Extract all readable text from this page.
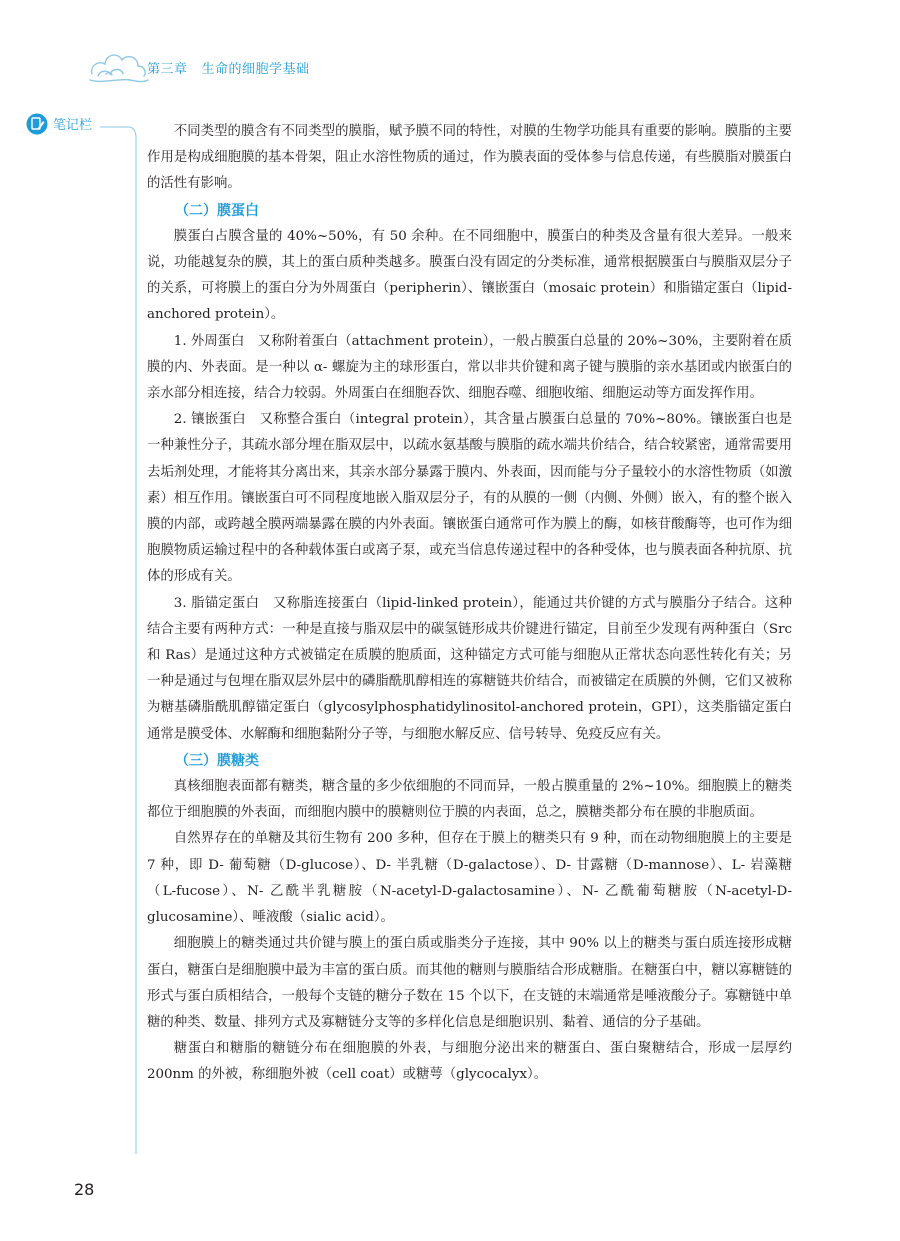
第三章 生命的细胞学基础
笔记栏	不同类型的膜含有不同类型的膜脂，赋予膜不同的特性，对膜的生物学功能具有重要的影响。膜脂的主要作用是构成细胞膜的基本骨架，阻止水溶性物质的通过，作为膜表面的受体参与信息传递，有些膜脂对膜蛋白的活性有影响。

（二）膜蛋白

膜蛋白占膜含量的 40%~50%，有 50 余种。在不同细胞中，膜蛋白的种类及含量有很大差异。一般来说，功能越复杂的膜，其上的蛋白质种类越多。膜蛋白没有固定的分类标准，通常根据膜蛋白与膜脂双层分子的关系，可将膜上的蛋白分为外周蛋白（peripherin）、镶嵌蛋白（mosaic protein）和脂锚定蛋白（lipid-anchored protein）。

1. 外周蛋白　又称附着蛋白（attachment protein），一般占膜蛋白总量的 20%~30%，主要附着在质膜的内、外表面。是一种以 α- 螺旋为主的球形蛋白，常以非共价键和离子键与膜脂的亲水基团或内嵌蛋白的亲水部分相连接，结合力较弱。外周蛋白在细胞吞饮、细胞吞噬、细胞收缩、细胞运动等方面发挥作用。

2. 镶嵌蛋白　又称整合蛋白（integral protein），其含量占膜蛋白总量的 70%~80%。镶嵌蛋白也是一种兼性分子，其疏水部分埋在脂双层中，以疏水氨基酸与膜脂的疏水端共价结合，结合较紧密，通常需要用去垢剂处理，才能将其分离出来，其亲水部分暴露于膜内、外表面，因而能与分子量较小的水溶性物质（如激素）相互作用。镶嵌蛋白可不同程度地嵌入脂双层分子，有的从膜的一侧（内侧、外侧）嵌入，有的整个嵌入膜的内部，或跨越全膜两端暴露在膜的内外表面。镶嵌蛋白通常可作为膜上的酶，如核苷酸酶等，也可作为细胞膜物质运输过程中的各种载体蛋白或离子泵，或充当信息传递过程中的各种受体，也与膜表面各种抗原、抗体的形成有关。

3. 脂锚定蛋白　又称脂连接蛋白（lipid-linked protein），能通过共价键的方式与膜脂分子结合。这种结合主要有两种方式：一种是直接与脂双层中的碳氢链形成共价键进行锚定，目前至少发现有两种蛋白（Src 和 Ras）是通过这种方式被锚定在质膜的胞质面，这种锚定方式可能与细胞从正常状态向恶性转化有关；另一种是通过与包埋在脂双层外层中的磷脂酰肌醇相连的寡糖链共价结合，而被锚定在质膜的外侧，它们又被称为糖基磷脂酰肌醇锚定蛋白（glycosylphosphatidylinositol-anchored protein，GPI），这类脂锚定蛋白通常是膜受体、水解酶和细胞黏附分子等，与细胞水解反应、信号转导、免疫反应有关。

（三）膜糖类

真核细胞表面都有糖类，糖含量的多少依细胞的不同而异，一般占膜重量的 2%~10%。细胞膜上的糖类都位于细胞膜的外表面，而细胞内膜中的膜糖则位于膜的内表面，总之，膜糖类都分布在膜的非胞质面。

自然界存在的单糖及其衍生物有 200 多种，但存在于膜上的糖类只有 9 种，而在动物细胞膜上的主要是 7 种，即 D- 葡萄糖（D-glucose）、D- 半乳糖（D-galactose）、D- 甘露糖（D-mannose）、L- 岩藻糖（L-fucose）、N- 乙酰半乳糖胺（N-acetyl-D-galactosamine）、N- 乙酰葡萄糖胺（N-acetyl-D-glucosamine）、唾液酸（sialic acid）。

细胞膜上的糖类通过共价键与膜上的蛋白质或脂类分子连接，其中 90% 以上的糖类与蛋白质连接形成糖蛋白，糖蛋白是细胞膜中最为丰富的蛋白质。而其他的糖则与膜脂结合形成糖脂。在糖蛋白中，糖以寡糖链的形式与蛋白质相结合，一般每个支链的糖分子数在 15 个以下，在支链的末端通常是唾液酸分子。寡糖链中单糖的种类、数量、排列方式及寡糖链分支等的多样化信息是细胞识别、黏着、通信的分子基础。

糖蛋白和糖脂的糖链分布在细胞膜的外表，与细胞分泌出来的糖蛋白、蛋白聚糖结合，形成一层厚约 200nm 的外被，称细胞外被（cell coat）或糖萼（glycocalyx）。

28
